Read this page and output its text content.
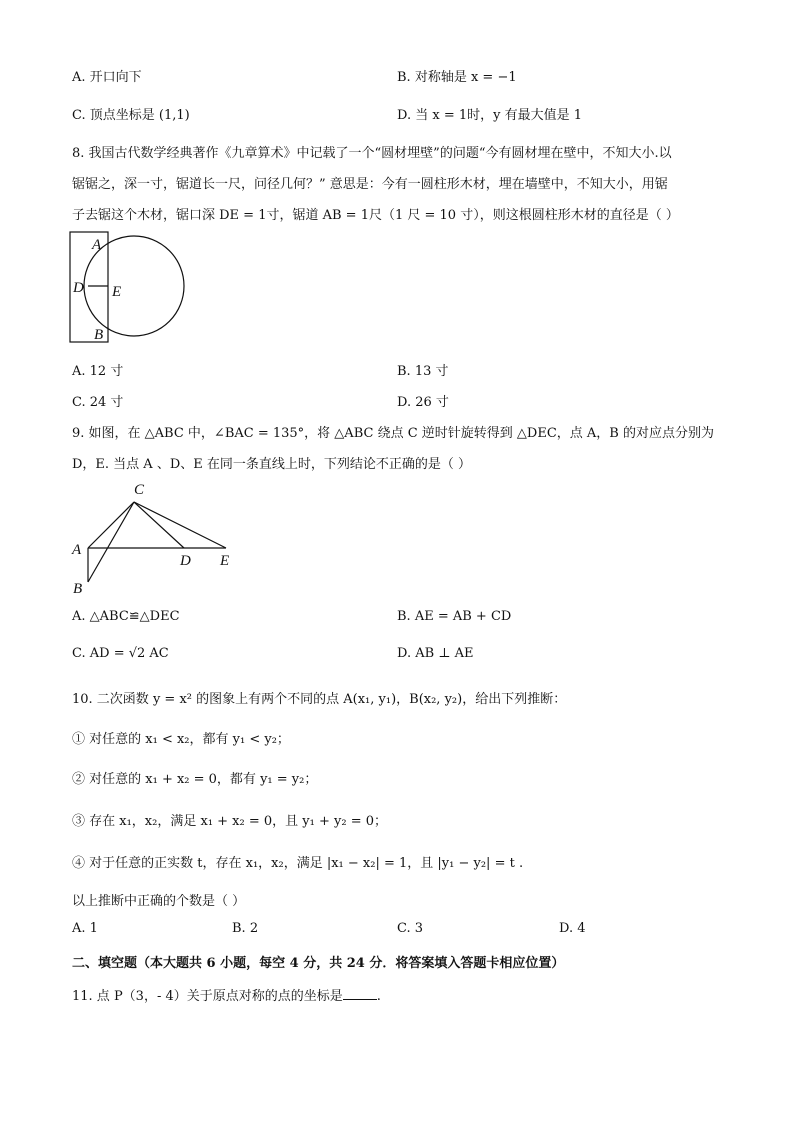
A. 开口向下	B. 对称轴是 x = −1
C. 顶点坐标是 (1,1)	D. 当 x = 1时，y 有最大值是 1
8. 我国古代数学经典著作《九章算术》中记载了一个“圆材埋壁”的问题“今有圆材埋在壁中，不知大小.以
锯锯之，深一寸，锯道长一尺，问径几何？” 意思是：今有一圆柱形木材，埋在墙壁中，不知大小，用锯
子去锯这个木材，锯口深 DE = 1寸，锯道 AB = 1尺（1 尺 = 10 寸），则这根圆柱形木材的直径是（ ）
A
D E
B
A. 12 寸	B. 13 寸
C. 24 寸	D. 26 寸
9. 如图，在 △ABC 中，∠BAC = 135°，将 △ABC 绕点 C 逆时针旋转得到 △DEC，点 A，B 的对应点分别为
D，E. 当点 A 、D、E 在同一条直线上时，下列结论不正确的是（ ）
C
A
B
D E
A. △ABC≌△DEC	B. AE = AB + CD
C. AD = √2 AC	D. AB ⊥ AE
10. 二次函数 y = x² 的图象上有两个不同的点 A(x₁, y₁)，B(x₂, y₂)，给出下列推断：
① 对任意的 x₁ < x₂，都有 y₁ < y₂；
② 对任意的 x₁ + x₂ = 0，都有 y₁ = y₂；
③ 存在 x₁，x₂，满足 x₁ + x₂ = 0，且 y₁ + y₂ = 0；
④ 对于任意的正实数 t，存在 x₁，x₂，满足 |x₁ − x₂| = 1，且 |y₁ − y₂| = t .
以上推断中正确的个数是（ ）
A. 1	B. 2	C. 3	D. 4
二、填空题（本大题共 6 小题，每空 4 分，共 24 分．将答案填入答题卡相应位置）
11. 点 P（3，- 4）关于原点对称的点的坐标是	.
